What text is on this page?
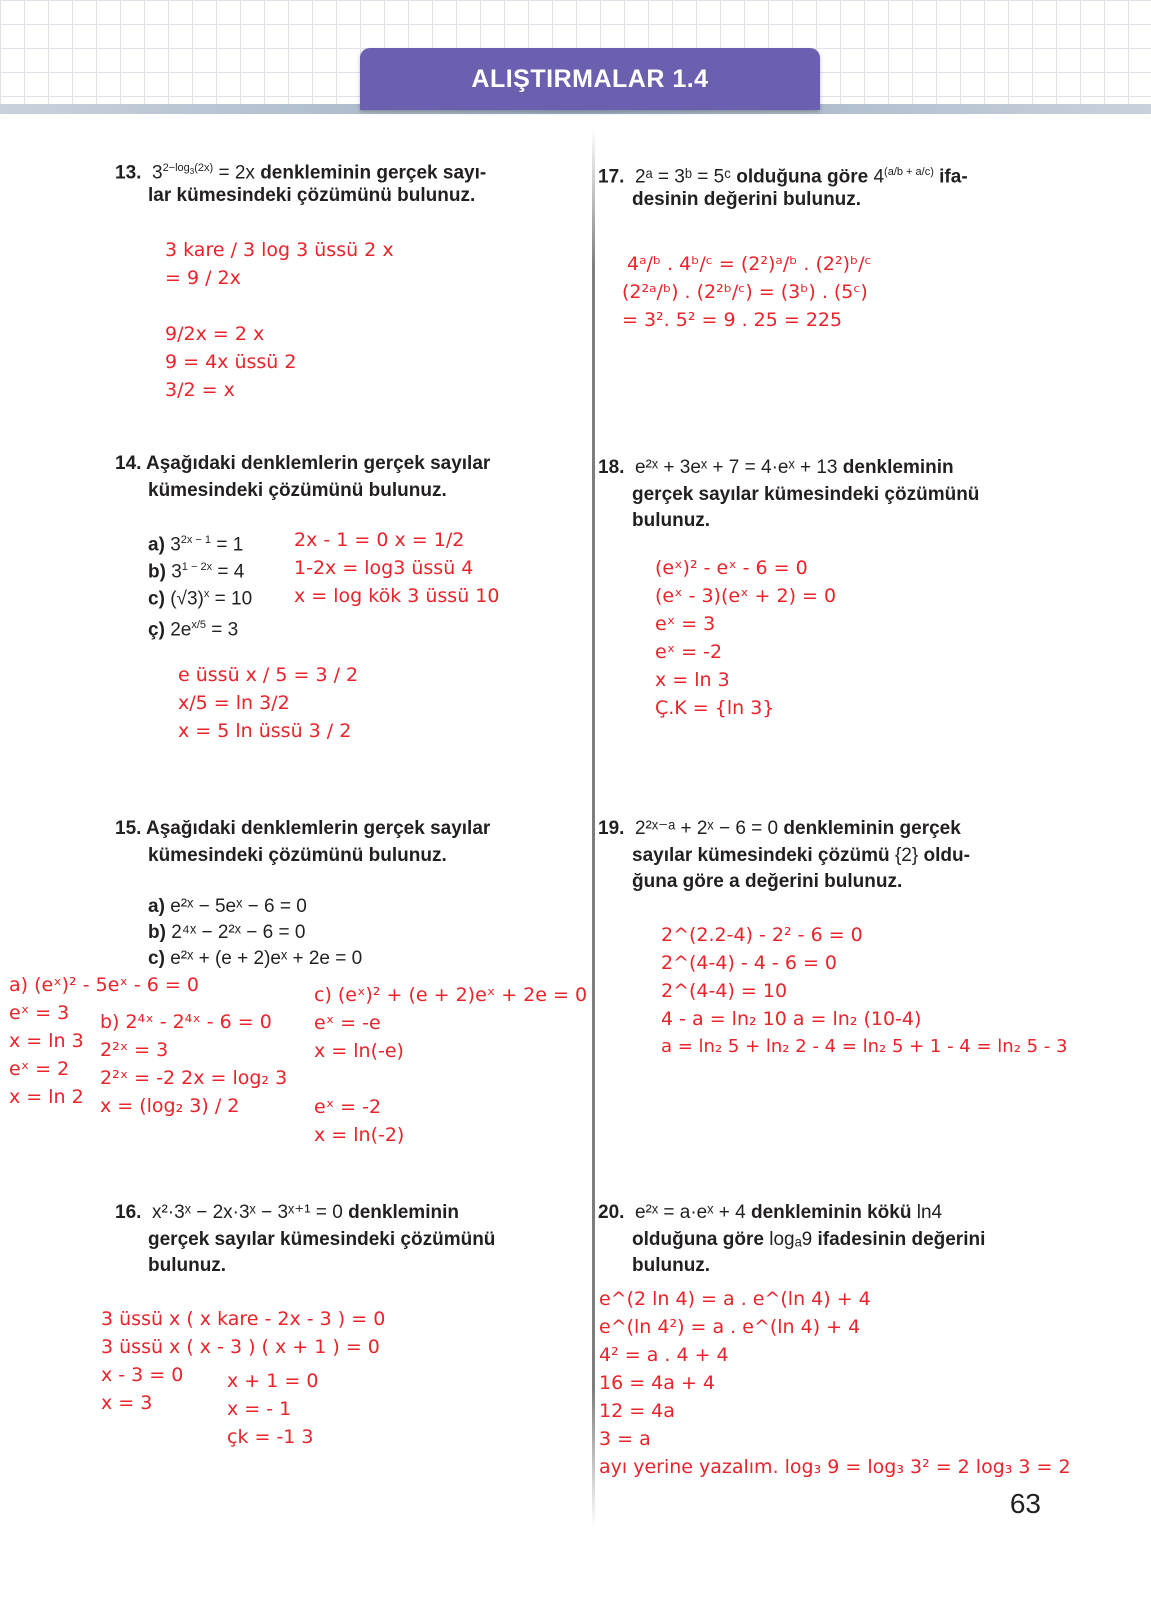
ALIŞTIRMALAR 1.4
13. $3^{2-log_3(2x)} = 2x$ denkleminin gerçek sayı-
lar kümesindeki çözümünü bulunuz.
3 kare / 3 log 3 üssü 2 x
= 9 / 2x
9/2x = 2 x
9 = 4x üssü 2
3/2 = x
14. Aşağıdaki denklemlerin gerçek sayılar
kümesindeki çözümünü bulunuz.
a) $3^{2x - 1} = 1$
b) $3^{1 - 2x} = 4$
c) $(√3)^x = 10$
ç) $2e^{x/5} = 3$
2x - 1 = 0 x = 1/2
1-2x = log3 üssü 4
x = log kök 3 üssü 10
e üssü x / 5 = 3 / 2
x/5 = ln 3/2
x = 5 ln üssü 3 / 2
15. Aşağıdaki denklemlerin gerçek sayılar
kümesindeki çözümünü bulunuz.
a) e²ˣ − 5eˣ − 6 = 0
b) 2⁴ˣ − 2²ˣ − 6 = 0
c) e²ˣ + (e + 2)eˣ + 2e = 0
a) (eˣ)² - 5eˣ - 6 = 0
eˣ = 3
x = ln 3
eˣ = 2
x = ln 2
b) 2⁴ˣ - 2⁴ˣ - 6 = 0
2²ˣ = 3
2²ˣ = -2 2x = log₂ 3
x = (log₂ 3) / 2
c) (eˣ)² + (e + 2)eˣ + 2e = 0
eˣ = -e
x = ln(-e)
eˣ = -2
x = ln(-2)
16. x²·3ˣ − 2x·3ˣ − 3ˣ⁺¹ = 0 denkleminin
gerçek sayılar kümesindeki çözümünü
bulunuz.
3 üssü x ( x kare - 2x - 3 ) = 0
3 üssü x ( x - 3 ) ( x + 1 ) = 0
x - 3 = 0
x = 3
x + 1 = 0
x = - 1
çk = -1 3
17. 2ᵃ = 3ᵇ = 5ᶜ olduğuna göre $4^{(a/b + a/c)}$ ifa-
desinin değerini bulunuz.
4ᵃ/ᵇ . 4ᵇ/ᶜ = (2²)ᵃ/ᵇ . (2²)ᵇ/ᶜ
(2²ᵃ/ᵇ) . (2²ᵇ/ᶜ) = (3ᵇ) . (5ᶜ)
= 3². 5² = 9 . 25 = 225
18. e²ˣ + 3eˣ + 7 = 4·eˣ + 13 denkleminin
gerçek sayılar kümesindeki çözümünü
bulunuz.
(eˣ)² - eˣ - 6 = 0
(eˣ - 3)(eˣ + 2) = 0
eˣ = 3
eˣ = -2
x = ln 3
Ç.K = {ln 3}
19. 2²ˣ⁻ᵃ + 2ˣ − 6 = 0 denkleminin gerçek
sayılar kümesindeki çözümü {2} oldu-
ğuna göre a değerini bulunuz.
2^(2.2-4) - 2² - 6 = 0
2^(4-4) - 4 - 6 = 0
2^(4-4) = 10
4 - a = ln₂ 10 a = ln₂ (10-4)
a = ln₂ 5 + ln₂ 2 - 4 = ln₂ 5 + 1 - 4 = ln₂ 5 - 3
20. e²ˣ = a·eˣ + 4 denkleminin kökü ln4
olduğuna göre logₐ9 ifadesinin değerini
bulunuz.
e^(2 ln 4) = a . e^(ln 4) + 4
e^(ln 4²) = a . e^(ln 4) + 4
4² = a . 4 + 4
16 = 4a + 4
12 = 4a
3 = a
ayı yerine yazalım. log₃ 9 = log₃ 3² = 2 log₃ 3 = 2
63
